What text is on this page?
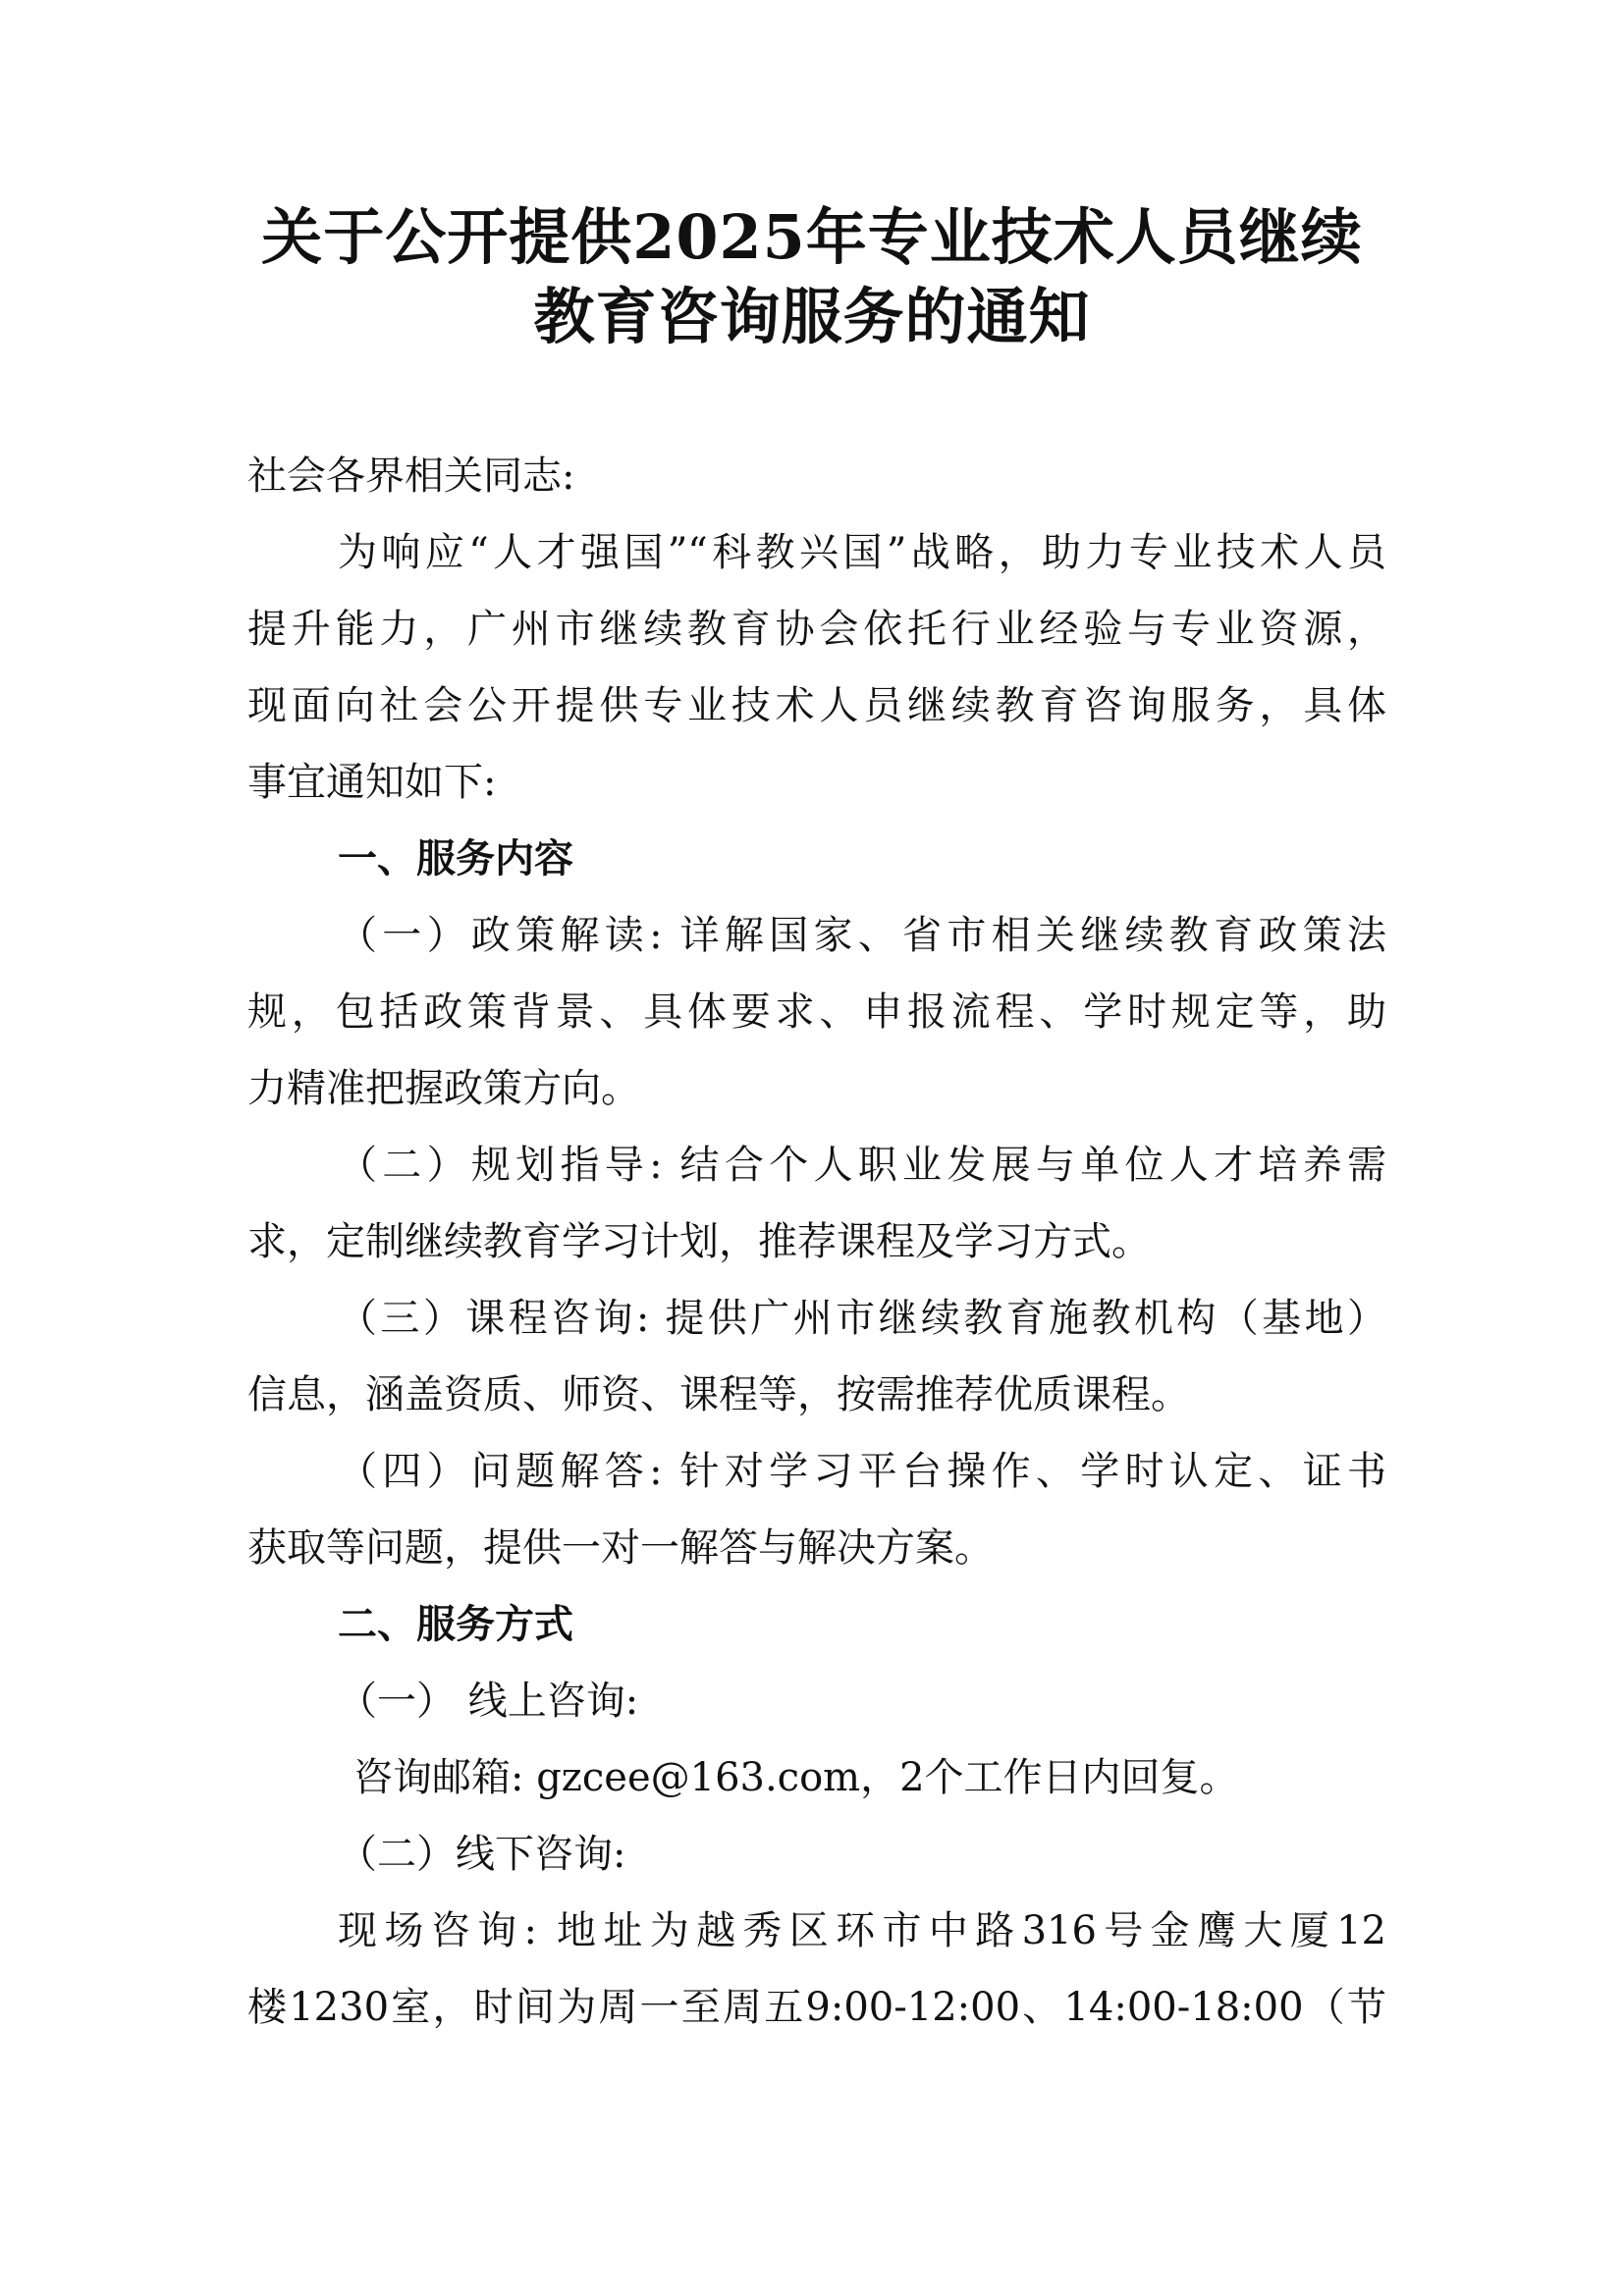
关于公开提供2025年专业技术人员继续
教育咨询服务的通知

社会各界相关同志:

为响应“人才强国”“科教兴国”战略，助力专业技术人员

提升能力，广州市继续教育协会依托行业经验与专业资源，

现面向社会公开提供专业技术人员继续教育咨询服务，具体

事宜通知如下:

一、服务内容

（一）政策解读: 详解国家、省市相关继续教育政策法

规，包括政策背景、具体要求、申报流程、学时规定等，助

力精准把握政策方向。

（二）规划指导: 结合个人职业发展与单位人才培养需

求，定制继续教育学习计划，推荐课程及学习方式。

（三）课程咨询: 提供广州市继续教育施教机构（基地）

信息，涵盖资质、师资、课程等，按需推荐优质课程。

（四）问题解答: 针对学习平台操作、学时认定、证书

获取等问题，提供一对一解答与解决方案。

二、服务方式

（一） 线上咨询:

咨询邮箱: gzcee@163.com，2个工作日内回复。

（二）线下咨询:

现场咨询: 地址为越秀区环市中路316号金鹰大厦12

楼1230室，时间为周一至周五9:00-12:00、14:00-18:00（节
